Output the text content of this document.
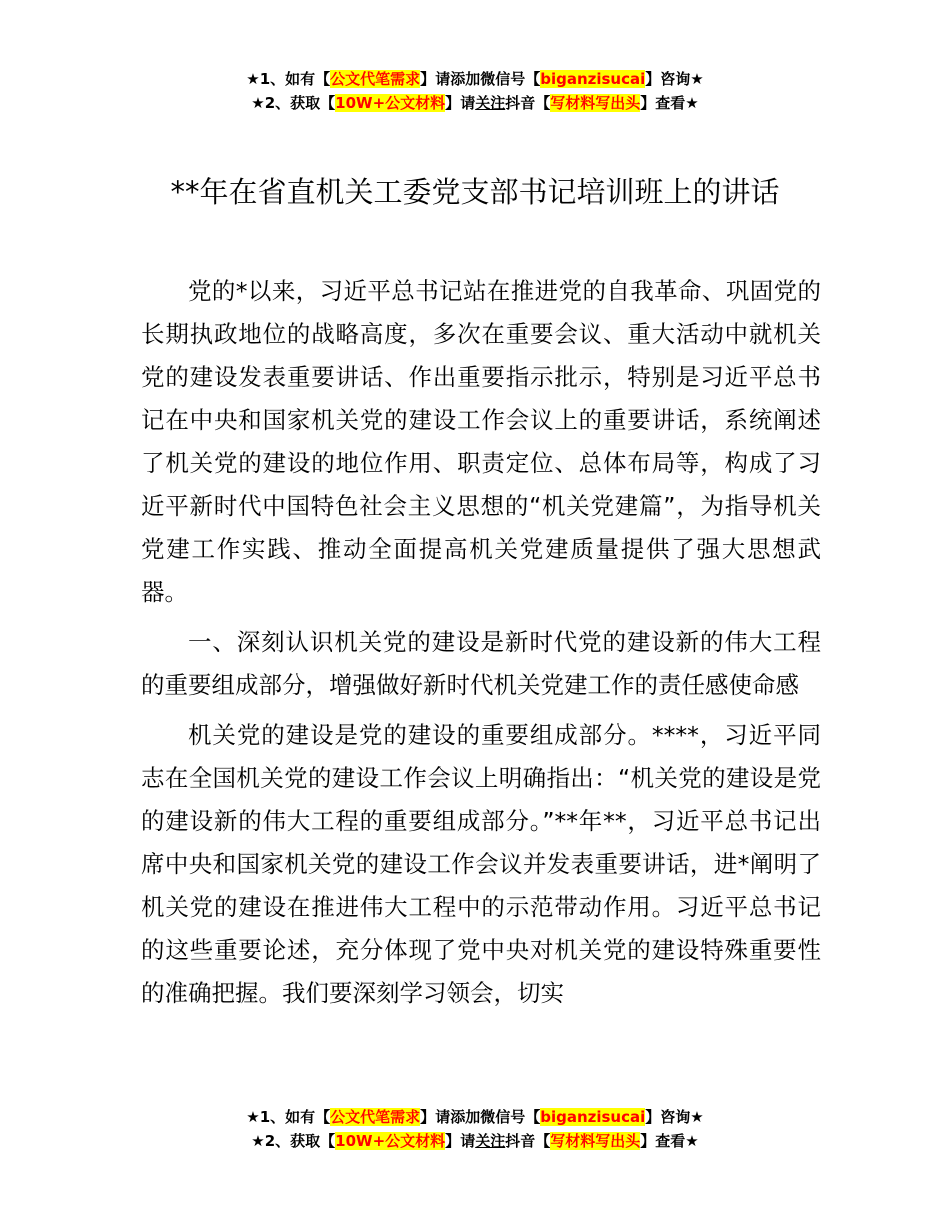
★1、如有【公文代笔需求】请添加微信号【biganzisucai】咨询★
★2、获取【10W+公文材料】请关注抖音【写材料写出头】查看★
**年在省直机关工委党支部书记培训班上的讲话

党的*以来，习近平总书记站在推进党的自我革命、巩固党的长期执政地位的战略高度，多次在重要会议、重大活动中就机关党的建设发表重要讲话、作出重要指示批示，特别是习近平总书记在中央和国家机关党的建设工作会议上的重要讲话，系统阐述了机关党的建设的地位作用、职责定位、总体布局等，构成了习近平新时代中国特色社会主义思想的“机关党建篇”，为指导机关党建工作实践、推动全面提高机关党建质量提供了强大思想武器。

一、深刻认识机关党的建设是新时代党的建设新的伟大工程的重要组成部分，增强做好新时代机关党建工作的责任感使命感

机关党的建设是党的建设的重要组成部分。****，习近平同志在全国机关党的建设工作会议上明确指出：“机关党的建设是党的建设新的伟大工程的重要组成部分。”**年**，习近平总书记出席中央和国家机关党的建设工作会议并发表重要讲话，进*阐明了机关党的建设在推进伟大工程中的示范带动作用。习近平总书记的这些重要论述，充分体现了党中央对机关党的建设特殊重要性的准确把握。我们要深刻学习领会，切实

★1、如有【公文代笔需求】请添加微信号【biganzisucai】咨询★
★2、获取【10W+公文材料】请关注抖音【写材料写出头】查看★
